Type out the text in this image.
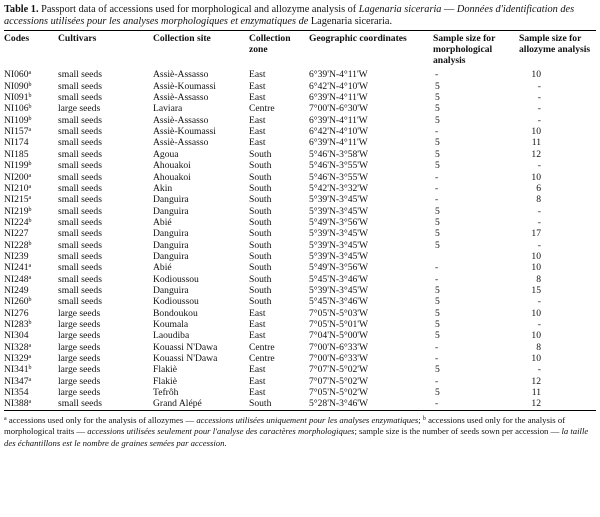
Table 1. Passport data of accessions used for morphological and allozyme analysis of Lagenaria siceraria — Données d'identification des accessions utilisées pour les analyses morphologiques et enzymatiques de Lagenaria siceraria.

Codes	Cultivars	Collection site	Collection zone	Geographic coordinates	Sample size for morphological analysis	Sample size for allozyme analysis
NI060$^a$	small seeds	Assiè-Assasso	East	6°39'N-4°11'W	-	10
NI090$^b$	small seeds	Assiè-Koumassi	East	6°42'N-4°10'W	5	-
NI091$^b$	small seeds	Assiè-Assasso	East	6°39'N-4°11'W	5	-
NI106$^b$	large seeds	Laviara	Centre	7°00'N-6°30'W	5	-
NI109$^b$	small seeds	Assiè-Assasso	East	6°39'N-4°11'W	5	-
NI157$^a$	small seeds	Assiè-Koumassi	East	6°42'N-4°10'W	-	10
NI174	small seeds	Assiè-Assasso	East	6°39'N-4°11'W	5	11
NI185	small seeds	Agoua	South	5°46'N-3°58'W	5	12
NI199$^b$	small seeds	Ahouakoi	South	5°46'N-3°55'W	5	-
NI200$^a$	small seeds	Ahouakoi	South	5°46'N-3°55'W	-	10
NI210$^a$	small seeds	Akin	South	5°42'N-3°32'W	-	6
NI215$^a$	small seeds	Danguira	South	5°39'N-3°45'W	-	8
NI219$^b$	small seeds	Danguira	South	5°39'N-3°45'W	5	-
NI224$^b$	small seeds	Abié	South	5°49'N-3°56'W	5	-
NI227	small seeds	Danguira	South	5°39'N-3°45'W	5	17
NI228$^b$	small seeds	Danguira	South	5°39'N-3°45'W	5	-
NI239	small seeds	Danguira	South	5°39'N-3°45'W		10
NI241$^a$	small seeds	Abié	South	5°49'N-3°56'W	-	10
NI248$^a$	small seeds	Kodioussou	South	5°45'N-3°46'W	-	8
NI249	small seeds	Danguira	South	5°39'N-3°45'W	5	15
NI260$^b$	small seeds	Kodioussou	South	5°45'N-3°46'W	5	-
NI276	large seeds	Bondoukou	East	7°05'N-5°03'W	5	10
NI283$^b$	large seeds	Koumala	East	7°05'N-5°01'W	5	-
NI304	large seeds	Laoudiba	East	7°04'N-5°00'W	5	10
NI328$^a$	large seeds	Kouassi N'Dawa	Centre	7°00'N-6°33'W	-	8
NI329$^a$	large seeds	Kouassi N'Dawa	Centre	7°00'N-6°33'W	-	10
NI341$^b$	large seeds	Flakiè	East	7°07'N-5°02'W	5	-
NI347$^a$	large seeds	Flakiè	East	7°07'N-5°02'W	-	12
NI354	large seeds	Tefrôh	East	7°05'N-5°02'W	5	11
NI388$^a$	small seeds	Grand Alépé	South	5°28'N-3°46'W	-	12
$^a$ accessions used only for the analysis of allozymes — accessions utilisées uniquement pour les analyses enzymatiques; $^b$ accessions used only for the analysis of morphological traits — accessions utilisées seulement pour l'analyse des caractères morphologiques; sample size is the number of seeds sown per accession — la taille des échantillons est le nombre de graines semées par accession.
